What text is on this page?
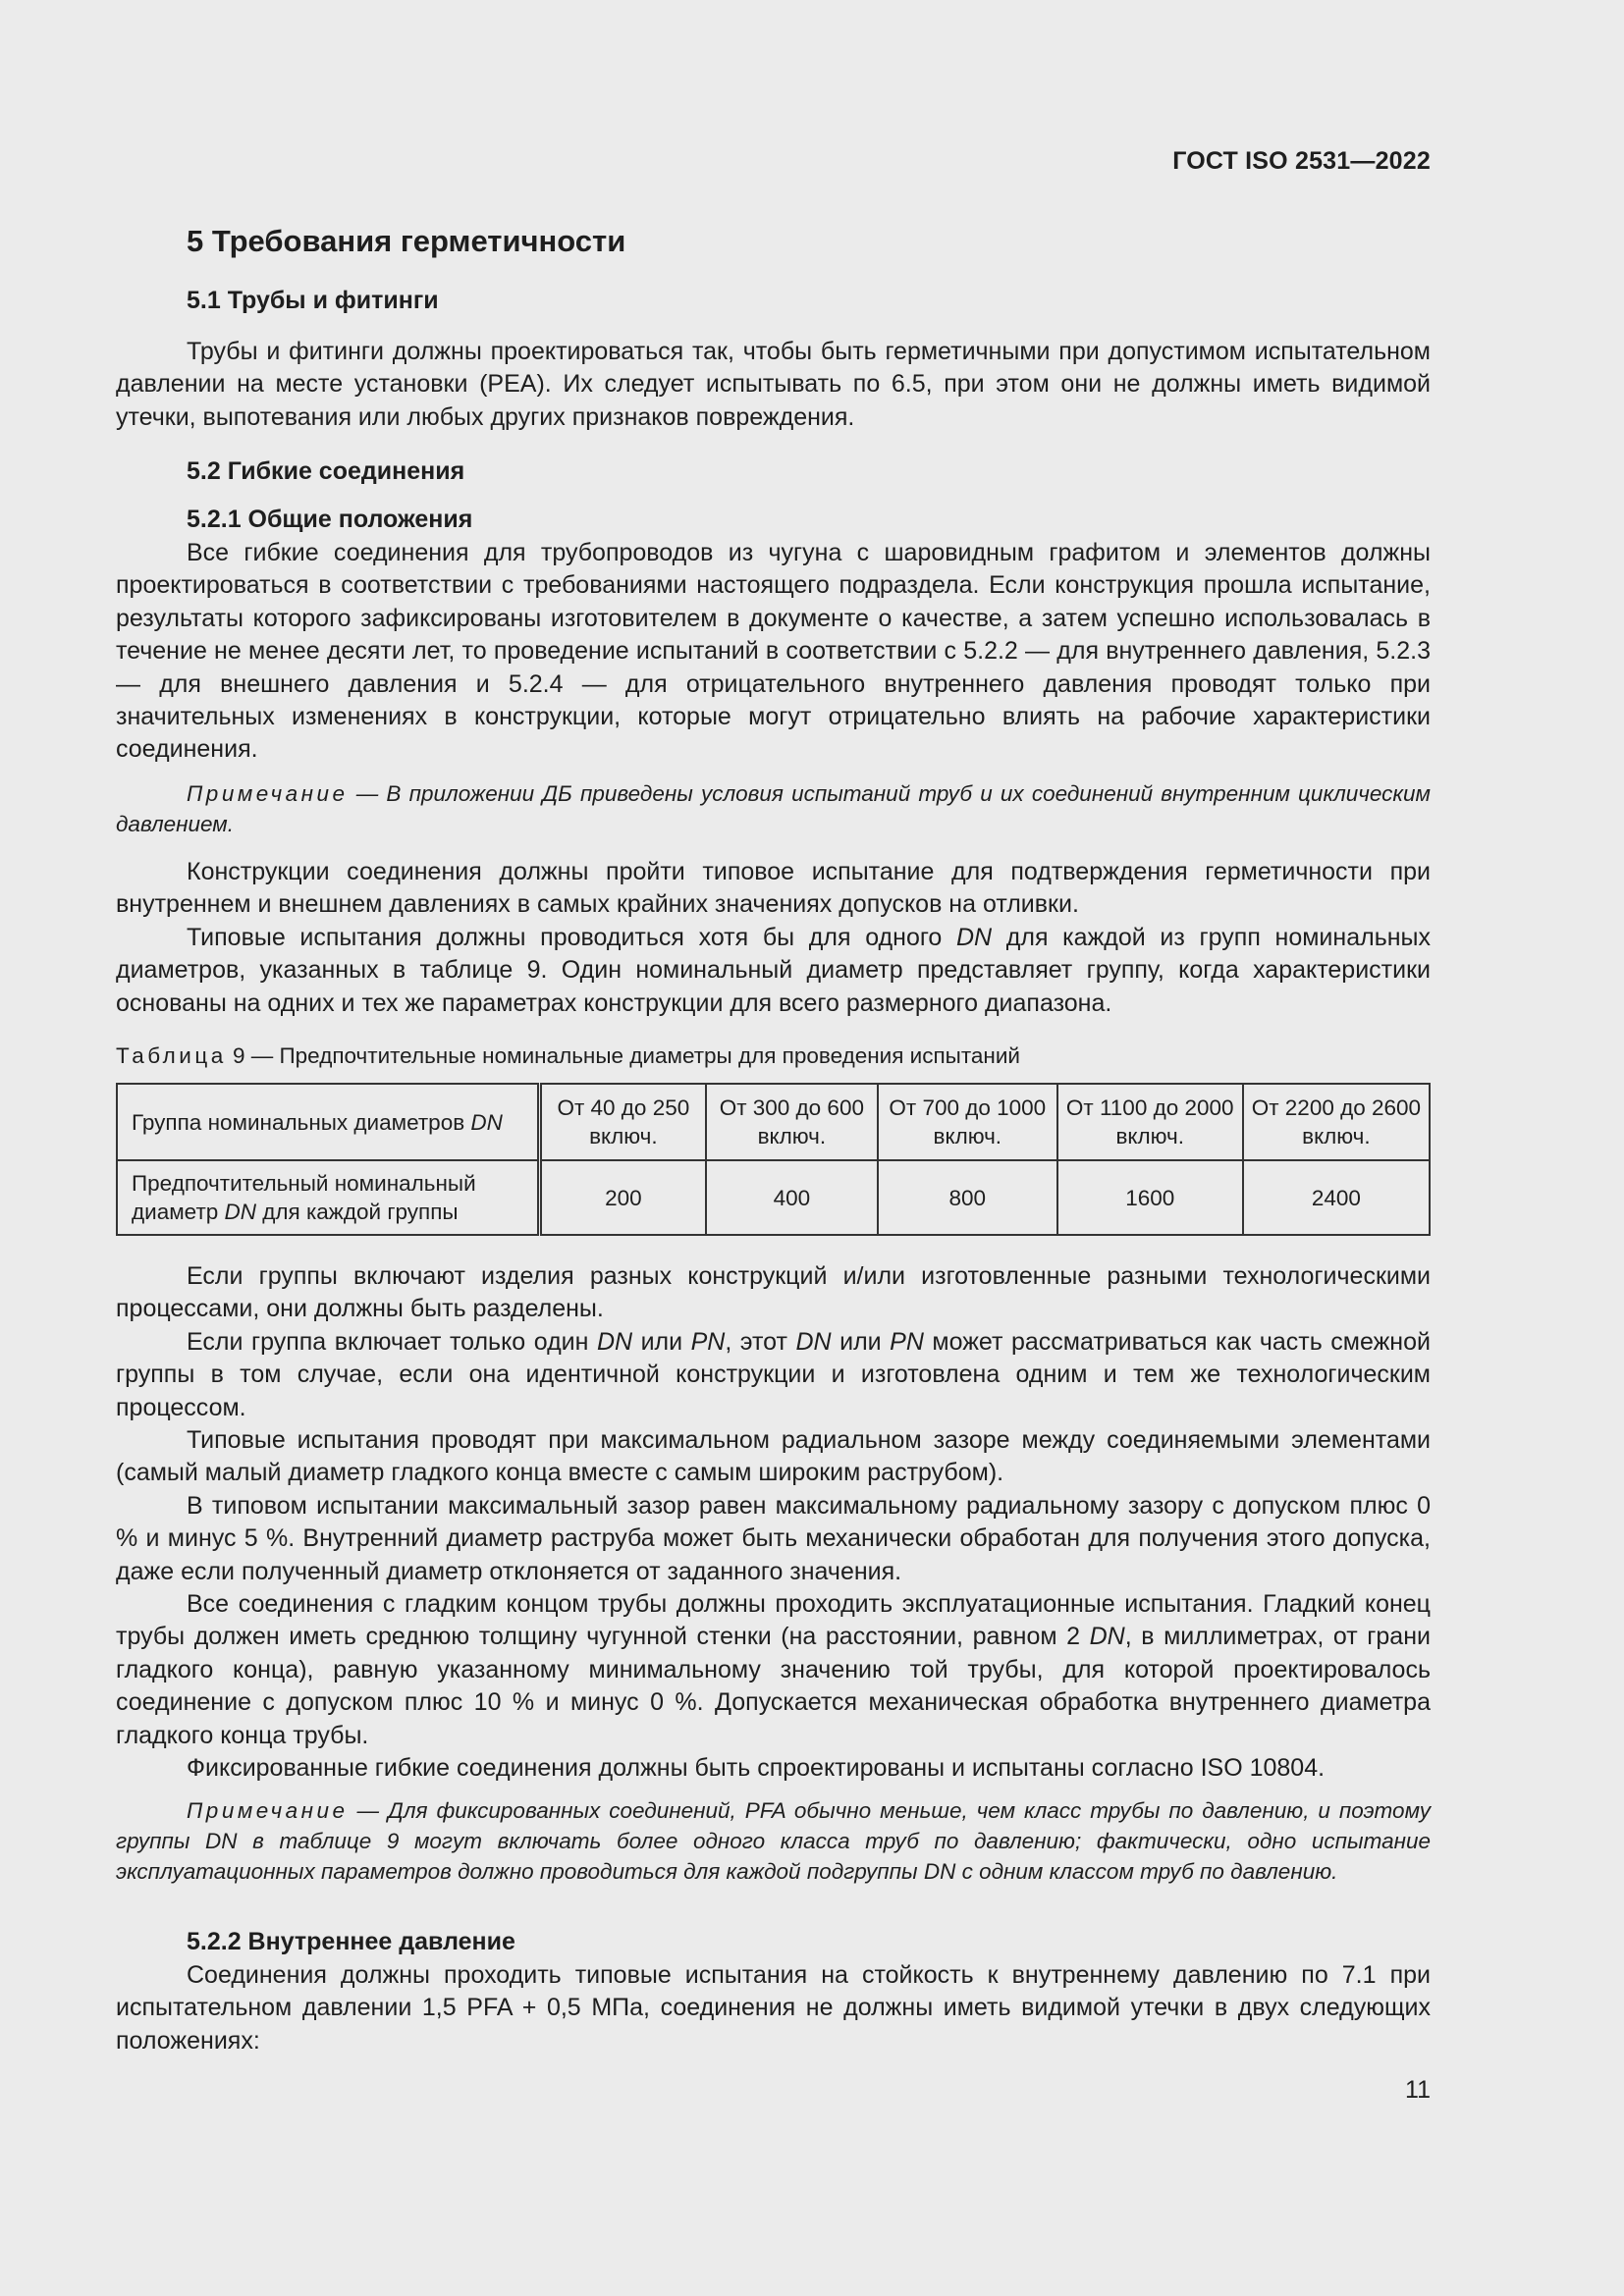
ГОСТ ISO 2531—2022
5 Требования герметичности
5.1 Трубы и фитинги
Трубы и фитинги должны проектироваться так, чтобы быть герметичными при допустимом испытательном давлении на месте установки (PEA). Их следует испытывать по 6.5, при этом они не должны иметь видимой утечки, выпотевания или любых других признаков повреждения.
5.2 Гибкие соединения
5.2.1 Общие положения
Все гибкие соединения для трубопроводов из чугуна с шаровидным графитом и элементов должны проектироваться в соответствии с требованиями настоящего подраздела. Если конструкция прошла испытание, результаты которого зафиксированы изготовителем в документе о качестве, а затем успешно использовалась в течение не менее десяти лет, то проведение испытаний в соответствии с 5.2.2 — для внутреннего давления, 5.2.3 — для внешнего давления и 5.2.4 — для отрицательного внутреннего давления проводят только при значительных изменениях в конструкции, которые могут отрицательно влиять на рабочие характеристики соединения.
Примечание — В приложении ДБ приведены условия испытаний труб и их соединений внутренним циклическим давлением.
Конструкции соединения должны пройти типовое испытание для подтверждения герметичности при внутреннем и внешнем давлениях в самых крайних значениях допусков на отливки.
Типовые испытания должны проводиться хотя бы для одного DN для каждой из групп номинальных диаметров, указанных в таблице 9. Один номинальный диаметр представляет группу, когда характеристики основаны на одних и тех же параметрах конструкции для всего размерного диапазона.
Таблица 9 — Предпочтительные номинальные диаметры для проведения испытаний
Группа номинальных диаметров DN	От 40 до 250 включ.	От 300 до 600 включ.	От 700 до 1000 включ.	От 1100 до 2000 включ.	От 2200 до 2600 включ.
Предпочтительный номинальный диаметр DN для каждой группы	200	400	800	1600	2400
Если группы включают изделия разных конструкций и/или изготовленные разными технологическими процессами, они должны быть разделены.
Если группа включает только один DN или PN, этот DN или PN может рассматриваться как часть смежной группы в том случае, если она идентичной конструкции и изготовлена одним и тем же технологическим процессом.
Типовые испытания проводят при максимальном радиальном зазоре между соединяемыми элементами (самый малый диаметр гладкого конца вместе с самым широким раструбом).
В типовом испытании максимальный зазор равен максимальному радиальному зазору с допуском плюс 0 % и минус 5 %. Внутренний диаметр раструба может быть механически обработан для получения этого допуска, даже если полученный диаметр отклоняется от заданного значения.
Все соединения с гладким концом трубы должны проходить эксплуатационные испытания. Гладкий конец трубы должен иметь среднюю толщину чугунной стенки (на расстоянии, равном 2 DN, в миллиметрах, от грани гладкого конца), равную указанному минимальному значению той трубы, для которой проектировалось соединение с допуском плюс 10 % и минус 0 %. Допускается механическая обработка внутреннего диаметра гладкого конца трубы.
Фиксированные гибкие соединения должны быть спроектированы и испытаны согласно ISO 10804.
Примечание — Для фиксированных соединений, PFA обычно меньше, чем класс трубы по давлению, и поэтому группы DN в таблице 9 могут включать более одного класса труб по давлению; фактически, одно испытание эксплуатационных параметров должно проводиться для каждой подгруппы DN с одним классом труб по давлению.
5.2.2 Внутреннее давление
Соединения должны проходить типовые испытания на стойкость к внутреннему давлению по 7.1 при испытательном давлении 1,5 PFA + 0,5 МПа, соединения не должны иметь видимой утечки в двух следующих положениях:
11
